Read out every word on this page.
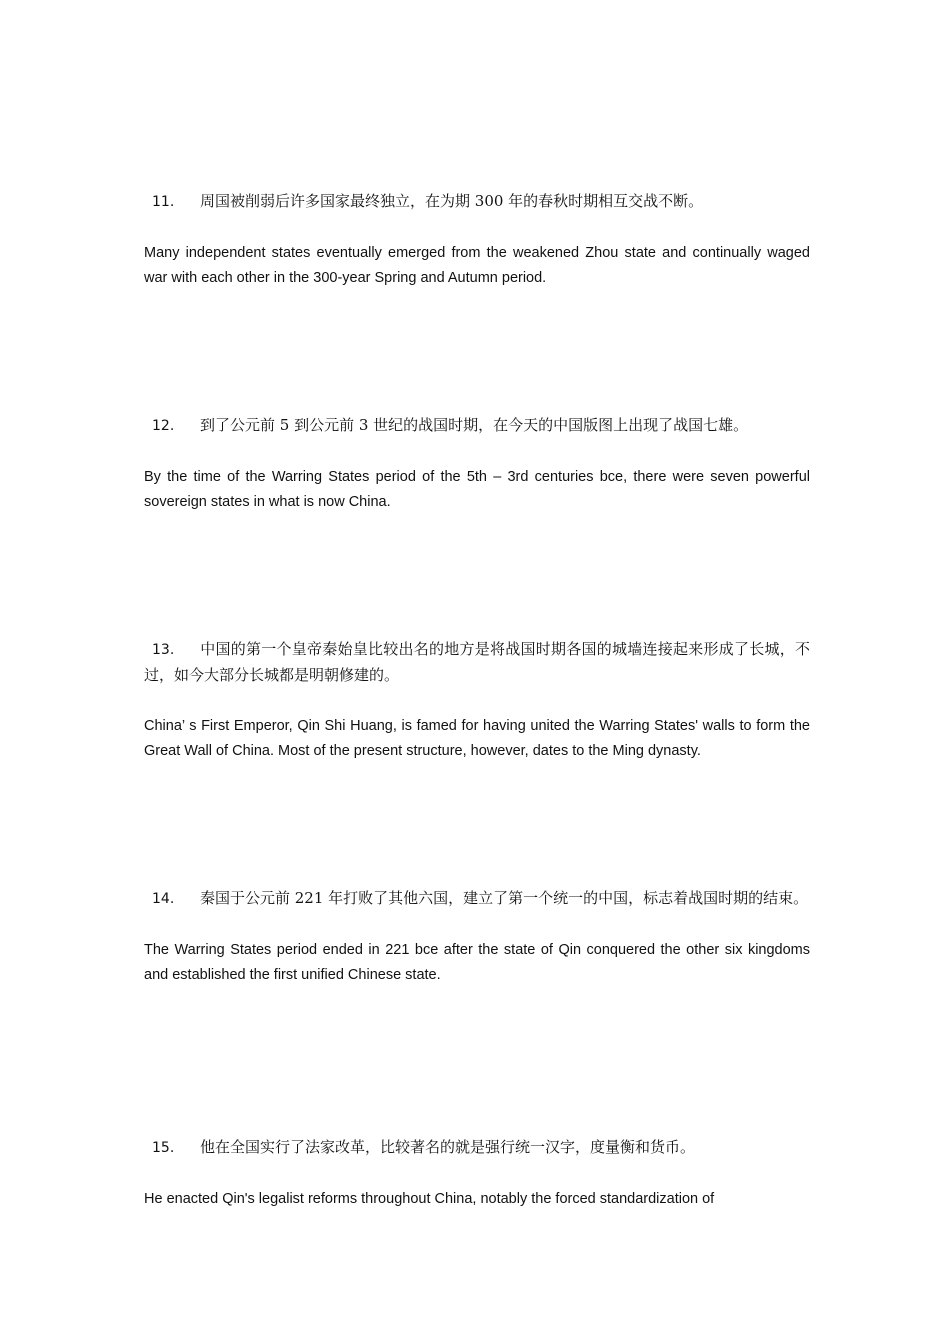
11. 周国被削弱后许多国家最终独立，在为期 300 年的春秋时期相互交战不断。

Many independent states eventually emerged from the weakened Zhou state and continually waged war with each other in the 300-year Spring and Autumn period.

12. 到了公元前 5 到公元前 3 世纪的战国时期，在今天的中国版图上出现了战国七雄。

By the time of the Warring States period of the 5th – 3rd centuries bce, there were seven powerful sovereign states in what is now China.

13. 中国的第一个皇帝秦始皇比较出名的地方是将战国时期各国的城墙连接起来形成了长城，不过，如今大部分长城都是明朝修建的。

China’ s First Emperor, Qin Shi Huang, is famed for having united the Warring States' walls to form the Great Wall of China. Most of the present structure, however, dates to the Ming dynasty.

14. 秦国于公元前 221 年打败了其他六国，建立了第一个统一的中国，标志着战国时期的结束。

The Warring States period ended in 221 bce after the state of Qin conquered the other six kingdoms and established the first unified Chinese state.

15. 他在全国实行了法家改革，比较著名的就是强行统一汉字，度量衡和货币。

He enacted Qin's legalist reforms throughout China, notably the forced standardization of
